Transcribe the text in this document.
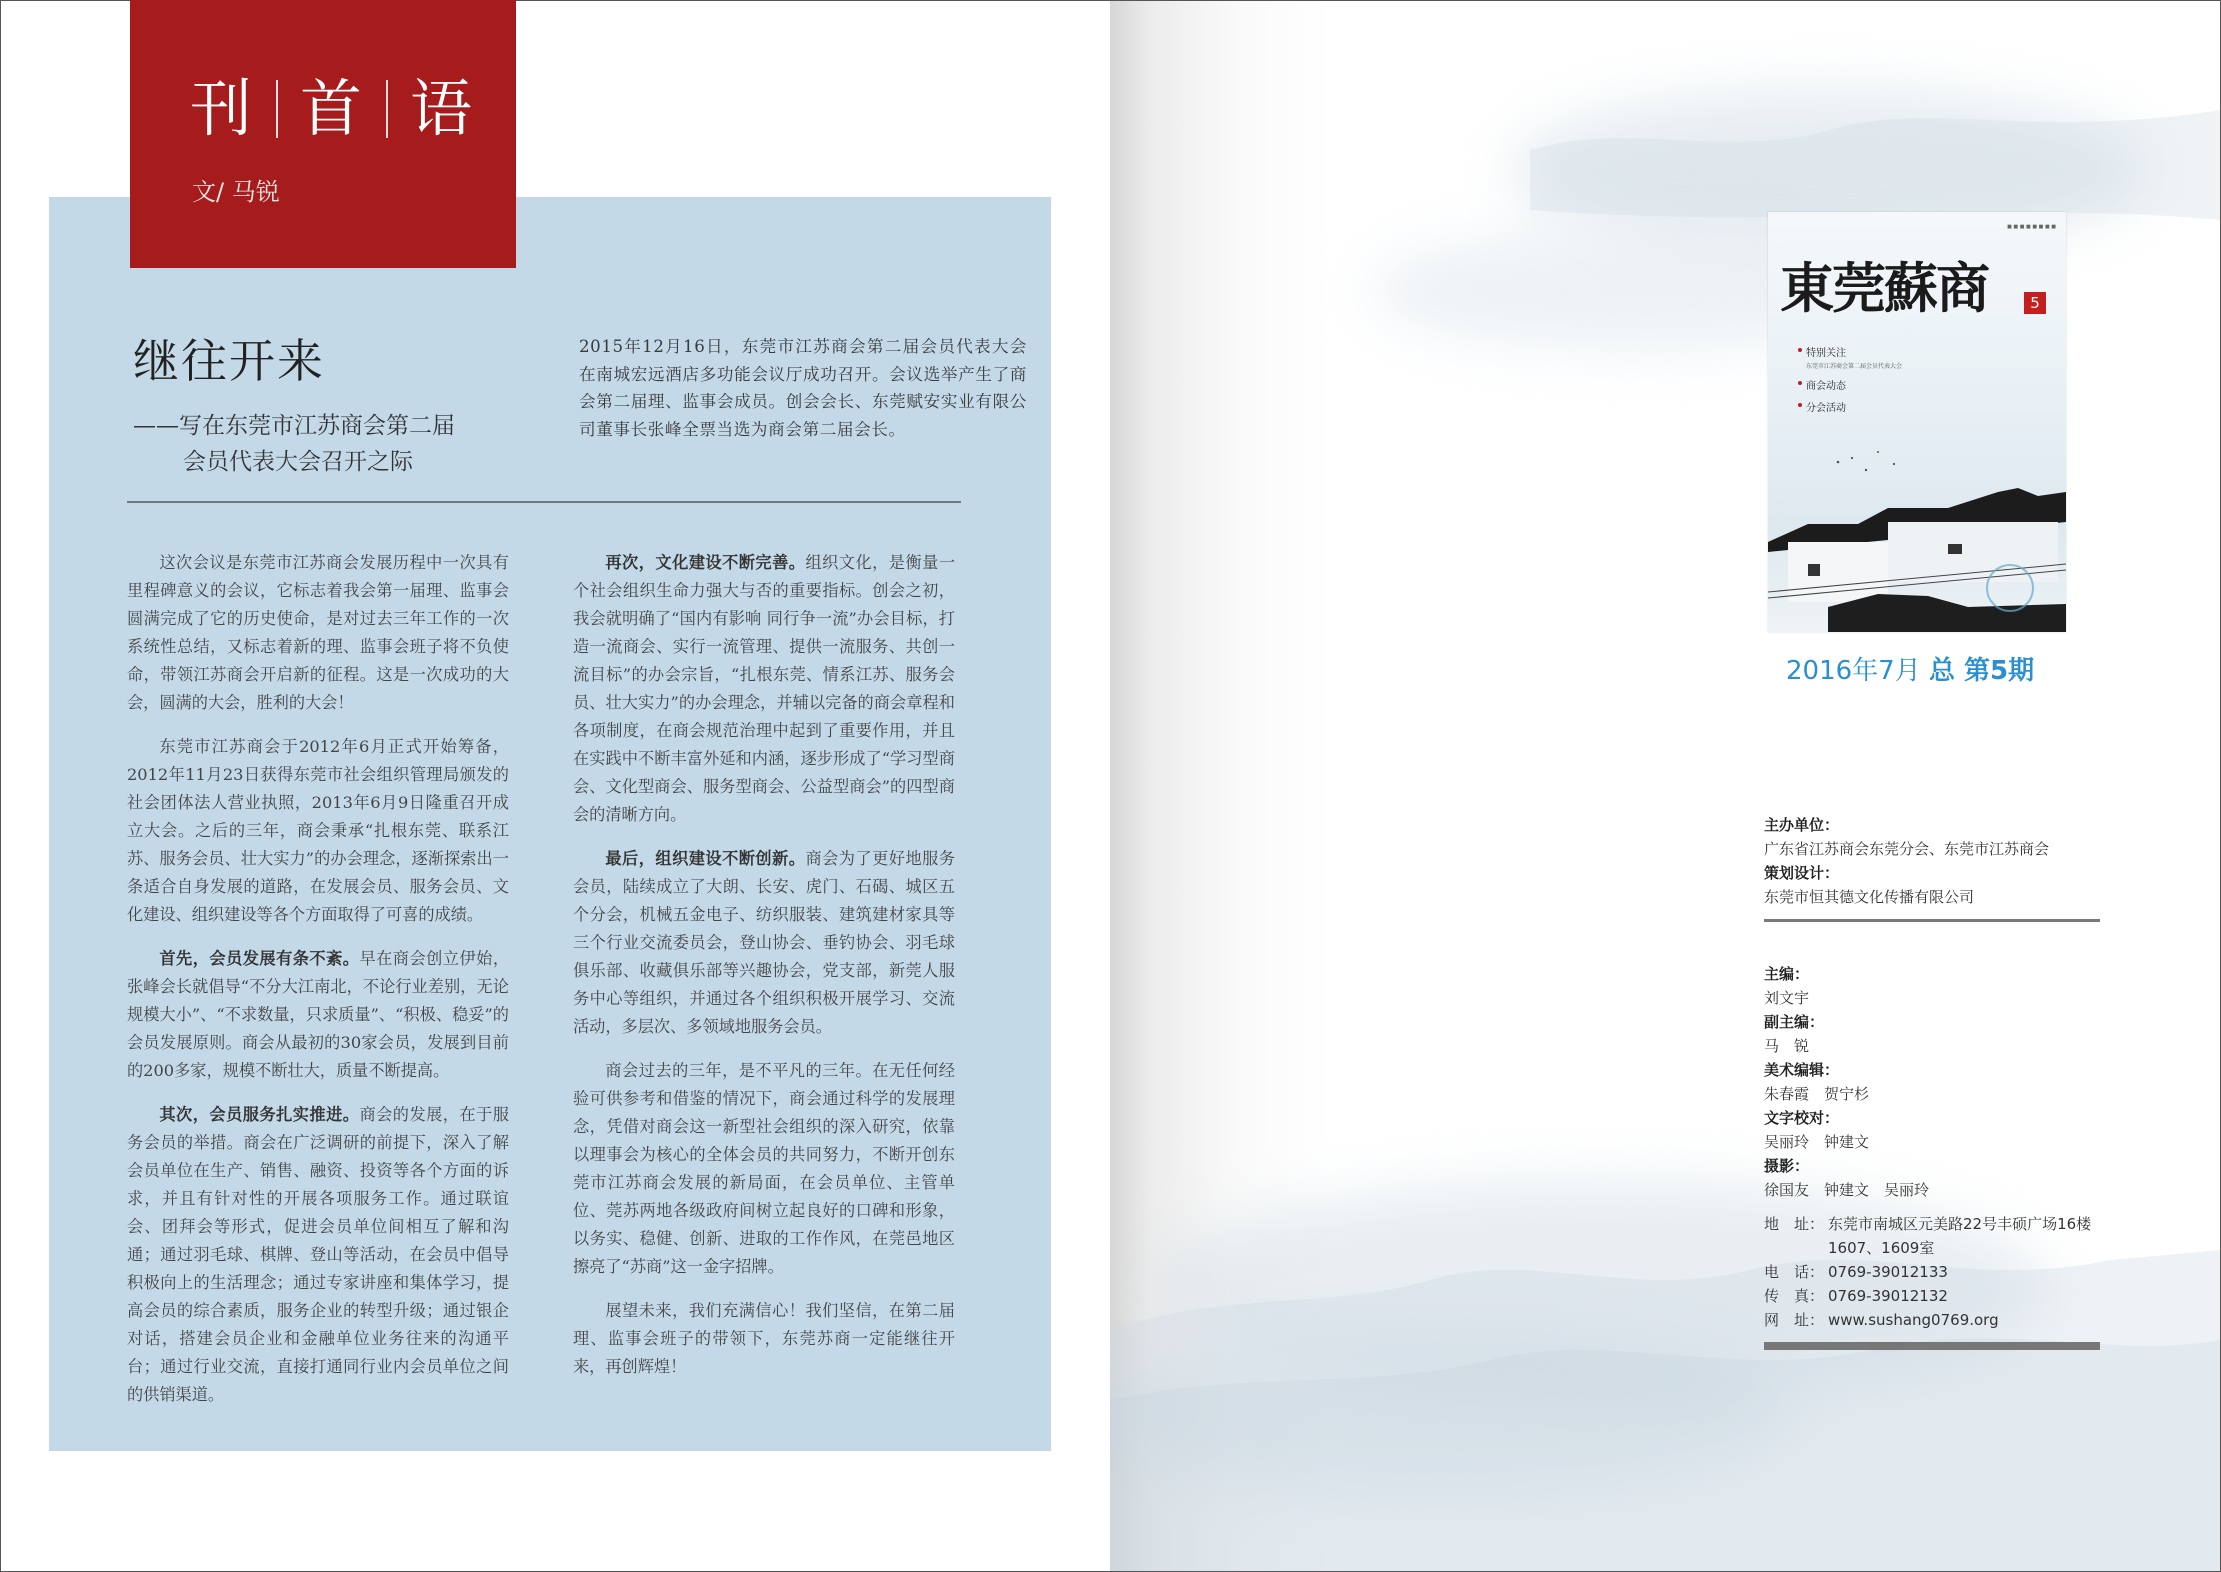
继往开来
——写在东莞市江苏商会第二届
会员代表大会召开之际
2015年12月16日，东莞市江苏商会第二届会员代表大会在南城宏远酒店多功能会议厅成功召开。会议选举产生了商会第二届理、监事会成员。创会会长、东莞赋安实业有限公司董事长张峰全票当选为商会第二届会长。

这次会议是东莞市江苏商会发展历程中一次具有里程碑意义的会议，它标志着我会第一届理、监事会圆满完成了它的历史使命，是对过去三年工作的一次系统性总结，又标志着新的理、监事会班子将不负使命，带领江苏商会开启新的征程。这是一次成功的大会，圆满的大会，胜利的大会！

东莞市江苏商会于2012年6月正式开始筹备，2012年11月23日获得东莞市社会组织管理局颁发的社会团体法人营业执照，2013年6月9日隆重召开成立大会。之后的三年，商会秉承“扎根东莞、联系江苏、服务会员、壮大实力”的办会理念，逐渐探索出一条适合自身发展的道路，在发展会员、服务会员、文化建设、组织建设等各个方面取得了可喜的成绩。

首先，会员发展有条不紊。早在商会创立伊始，张峰会长就倡导“不分大江南北，不论行业差别，无论规模大小”、“不求数量，只求质量”、“积极、稳妥”的会员发展原则。商会从最初的30家会员，发展到目前的200多家，规模不断壮大，质量不断提高。

其次，会员服务扎实推进。商会的发展，在于服务会员的举措。商会在广泛调研的前提下，深入了解会员单位在生产、销售、融资、投资等各个方面的诉求，并且有针对性的开展各项服务工作。通过联谊会、团拜会等形式，促进会员单位间相互了解和沟通；通过羽毛球、棋牌、登山等活动，在会员中倡导积极向上的生活理念；通过专家讲座和集体学习，提高会员的综合素质，服务企业的转型升级；通过银企对话，搭建会员企业和金融单位业务往来的沟通平台；通过行业交流，直接打通同行业内会员单位之间的供销渠道。

再次，文化建设不断完善。组织文化，是衡量一个社会组织生命力强大与否的重要指标。创会之初，我会就明确了“国内有影响 同行争一流”办会目标，打造一流商会、实行一流管理、提供一流服务、共创一流目标”的办会宗旨，“扎根东莞、情系江苏、服务会员、壮大实力”的办会理念，并辅以完备的商会章程和各项制度，在商会规范治理中起到了重要作用，并且在实践中不断丰富外延和内涵，逐步形成了“学习型商会、文化型商会、服务型商会、公益型商会”的四型商会的清晰方向。

最后，组织建设不断创新。商会为了更好地服务会员，陆续成立了大朗、长安、虎门、石碣、城区五个分会，机械五金电子、纺织服装、建筑建材家具等三个行业交流委员会，登山协会、垂钓协会、羽毛球俱乐部、收藏俱乐部等兴趣协会，党支部，新莞人服务中心等组织，并通过各个组织积极开展学习、交流活动，多层次、多领域地服务会员。

商会过去的三年，是不平凡的三年。在无任何经验可供参考和借鉴的情况下，商会通过科学的发展理念，凭借对商会这一新型社会组织的深入研究，依靠以理事会为核心的全体会员的共同努力，不断开创东莞市江苏商会发展的新局面，在会员单位、主管单位、莞苏两地各级政府间树立起良好的口碑和形象，以务实、稳健、创新、进取的工作作风，在莞邑地区擦亮了“苏商”这一金字招牌。

展望未来，我们充满信心！我们坚信，在第二届理、监事会班子的带领下，东莞苏商一定能继往开来，再创辉煌！

刊 首 语
文/ 马锐
■ ■ ■ ■ ■ ■ ■ ■
東莞蘇商	5
特别关注
东莞市江苏商会第二届会员代表大会
商会动态
分会活动
2016年7月 总 第5期
主办单位：
广东省江苏商会东莞分会、东莞市江苏商会
策划设计：
东莞市恒其德文化传播有限公司
主编：
刘文宇
副主编：
马　锐
美术编辑：
朱春霞　贺宁杉
文字校对：
吴丽玲　钟建文
摄影：
徐国友　钟建文　吴丽玲
地　址： 东莞市南城区元美路22号丰硕广场16楼1607、1609室
电　话： 0769-39012133
传　真： 0769-39012132
网　址： www.sushang0769.org
